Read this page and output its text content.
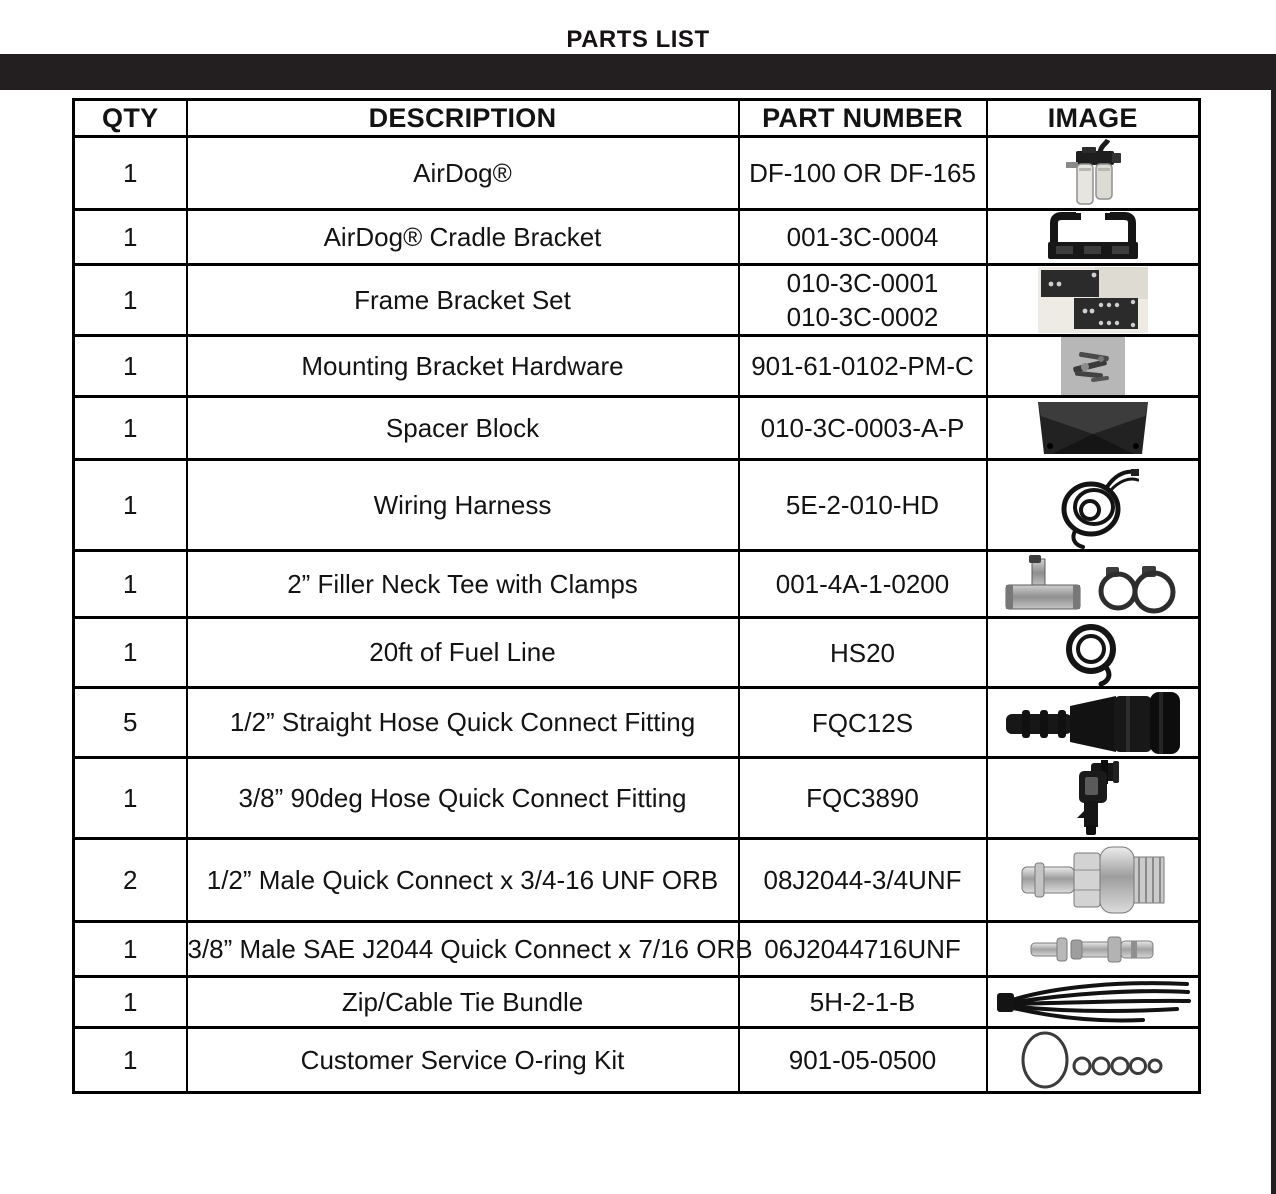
PARTS LIST
QTY	DESCRIPTION	PART NUMBER	IMAGE
1	AirDog®	DF-100 OR DF-165

1	AirDog® Cradle Bracket	001-3C-0004

1	Frame Bracket Set	010-3C-0001
010-3C-0002

1	Mounting Bracket Hardware	901-61-0102-PM-C

1	Spacer Block	010-3C-0003-A-P

1	Wiring Harness	5E-2-010-HD

1	2” Filler Neck Tee with Clamps	001-4A-1-0200

1	20ft of Fuel Line	HS20

5	1/2” Straight Hose Quick Connect Fitting	FQC12S

1	3/8” 90deg Hose Quick Connect Fitting	FQC3890

2	1/2” Male Quick Connect x 3/4-16 UNF ORB	08J2044-3/4UNF

1	3/8” Male SAE J2044 Quick Connect x 7/16 ORB	06J2044716UNF

1	Zip/Cable Tie Bundle	5H-2-1-B

1	Customer Service O-ring Kit	901-05-0500
